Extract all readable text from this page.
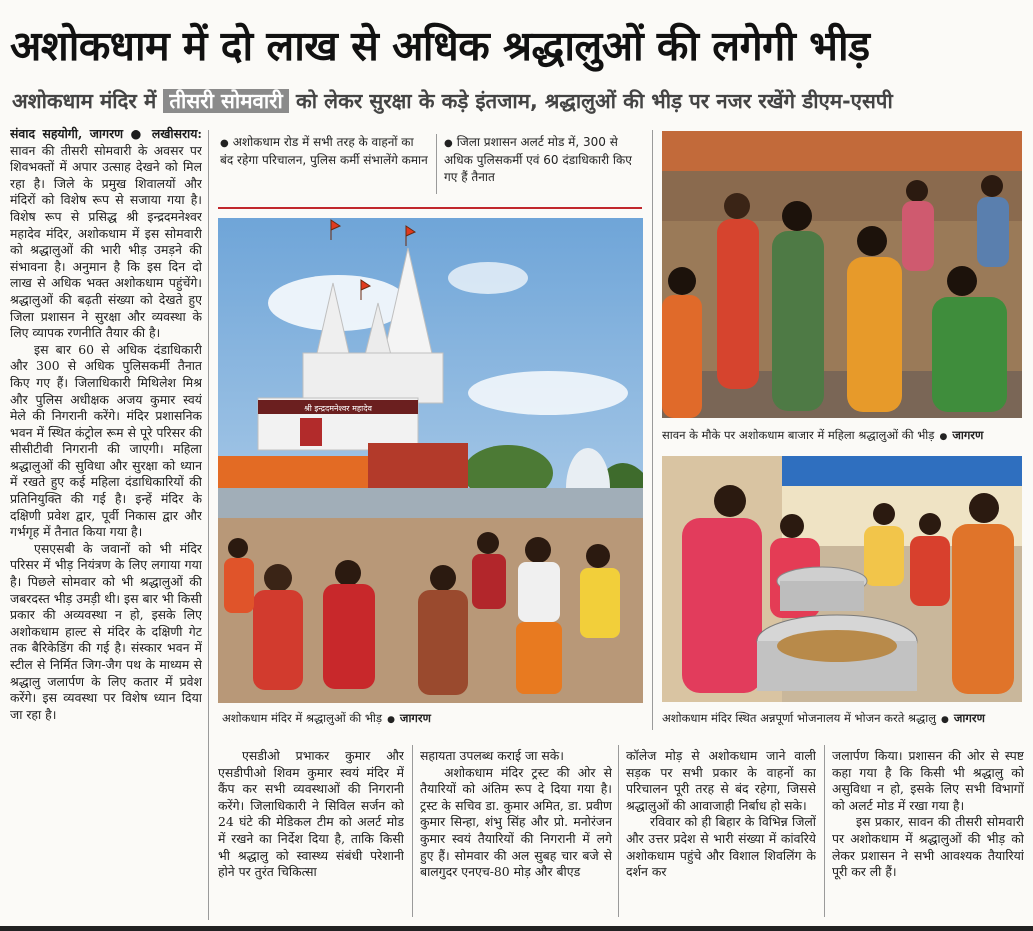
अशोकधाम में दो लाख से अधिक श्रद्धालुओं की लगेगी भीड़
अशोकधाम मंदिर में तीसरी सोमवारी को लेकर सुरक्षा के कड़े इंतजाम, श्रद्धालुओं की भीड़ पर नजर रखेंगे डीएम-एसपी

संवाद सहयोगी, जागरण ● लखीसराय: सावन की तीसरी सोमवारी के अवसर पर शिवभक्तों में अपार उत्साह देखने को मिल रहा है। जिले के प्रमुख शिवालयों और मंदिरों को विशेष रूप से सजाया गया है। विशेष रूप से प्रसिद्ध श्री इन्द्रदमनेश्वर महादेव मंदिर, अशोकधाम में इस सोमवारी को श्रद्धालुओं की भारी भीड़ उमड़ने की संभावना है। अनुमान है कि इस दिन दो लाख से अधिक भक्त अशोकधाम पहुंचेंगे। श्रद्धालुओं की बढ़ती संख्या को देखते हुए जिला प्रशासन ने सुरक्षा और व्यवस्था के लिए व्यापक रणनीति तैयार की है।

इस बार 60 से अधिक दंडाधिकारी और 300 से अधिक पुलिसकर्मी तैनात किए गए हैं। जिलाधिकारी मिथिलेश मिश्र और पुलिस अधीक्षक अजय कुमार स्वयं मेले की निगरानी करेंगे। मंदिर प्रशासनिक भवन में स्थित कंट्रोल रूम से पूरे परिसर की सीसीटीवी निगरानी की जाएगी। महिला श्रद्धालुओं की सुविधा और सुरक्षा को ध्यान में रखते हुए कई महिला दंडाधिकारियों की प्रतिनियुक्ति की गई है। इन्हें मंदिर के दक्षिणी प्रवेश द्वार, पूर्वी निकास द्वार और गर्भगृह में तैनात किया गया है।

एसएसबी के जवानों को भी मंदिर परिसर में भीड़ नियंत्रण के लिए लगाया गया है। पिछले सोमवार को भी श्रद्धालुओं की जबरदस्त भीड़ उमड़ी थी। इस बार भी किसी प्रकार की अव्यवस्था न हो, इसके लिए अशोकधाम हाल्ट से मंदिर के दक्षिणी गेट तक बैरिकेडिंग की गई है। संस्कार भवन में स्टील से निर्मित जिग-जैग पथ के माध्यम से श्रद्धालु जलार्पण के लिए कतार में प्रवेश करेंगे। इस व्यवस्था पर विशेष ध्यान दिया जा रहा है।

● अशोकधाम रोड में सभी तरह के वाहनों का बंद रहेगा परिचालन, पुलिस कर्मी संभालेंगे कमान
● जिला प्रशासन अलर्ट मोड में, 300 से अधिक पुलिसकर्मी एवं 60 दंडाधिकारी किए गए हैं तैनात
श्री इन्द्रदमनेश्वर महादेव
अशोकधाम मंदिर में श्रद्धालुओं की भीड़ ● जागरण
सावन के मौके पर अशोकधाम बाजार में महिला श्रद्धालुओं की भीड़ ● जागरण
अशोकधाम मंदिर स्थित अन्नपूर्णा भोजनालय में भोजन करते श्रद्धालु ● जागरण

एसडीओ प्रभाकर कुमार और एसडीपीओ शिवम कुमार स्वयं मंदिर में कैंप कर सभी व्यवस्थाओं की निगरानी करेंगे। जिलाधिकारी ने सिविल सर्जन को 24 घंटे की मेडिकल टीम को अलर्ट मोड में रखने का निर्देश दिया है, ताकि किसी भी श्रद्धालु को स्वास्थ्य संबंधी परेशानी होने पर तुरंत चिकित्सा

सहायता उपलब्ध कराई जा सके।

अशोकधाम मंदिर ट्रस्ट की ओर से तैयारियों को अंतिम रूप दे दिया गया है। ट्रस्ट के सचिव डा. कुमार अमित, डा. प्रवीण कुमार सिन्हा, शंभु सिंह और प्रो. मनोरंजन कुमार स्वयं तैयारियों की निगरानी में लगे हुए हैं। सोमवार की अल सुबह चार बजे से बालगुदर एनएच-80 मोड़ और बीएड

कॉलेज मोड़ से अशोकधाम जाने वाली सड़क पर सभी प्रकार के वाहनों का परिचालन पूरी तरह से बंद रहेगा, जिससे श्रद्धालुओं की आवाजाही निर्बाध हो सके।

रविवार को ही बिहार के विभिन्न जिलों और उत्तर प्रदेश से भारी संख्या में कांवरिये अशोकधाम पहुंचे और विशाल शिवलिंग के दर्शन कर

जलार्पण किया। प्रशासन की ओर से स्पष्ट कहा गया है कि किसी भी श्रद्धालु को असुविधा न हो, इसके लिए सभी विभागों को अलर्ट मोड में रखा गया है।

इस प्रकार, सावन की तीसरी सोमवारी पर अशोकधाम में श्रद्धालुओं की भीड़ को लेकर प्रशासन ने सभी आवश्यक तैयारियां पूरी कर ली हैं।
